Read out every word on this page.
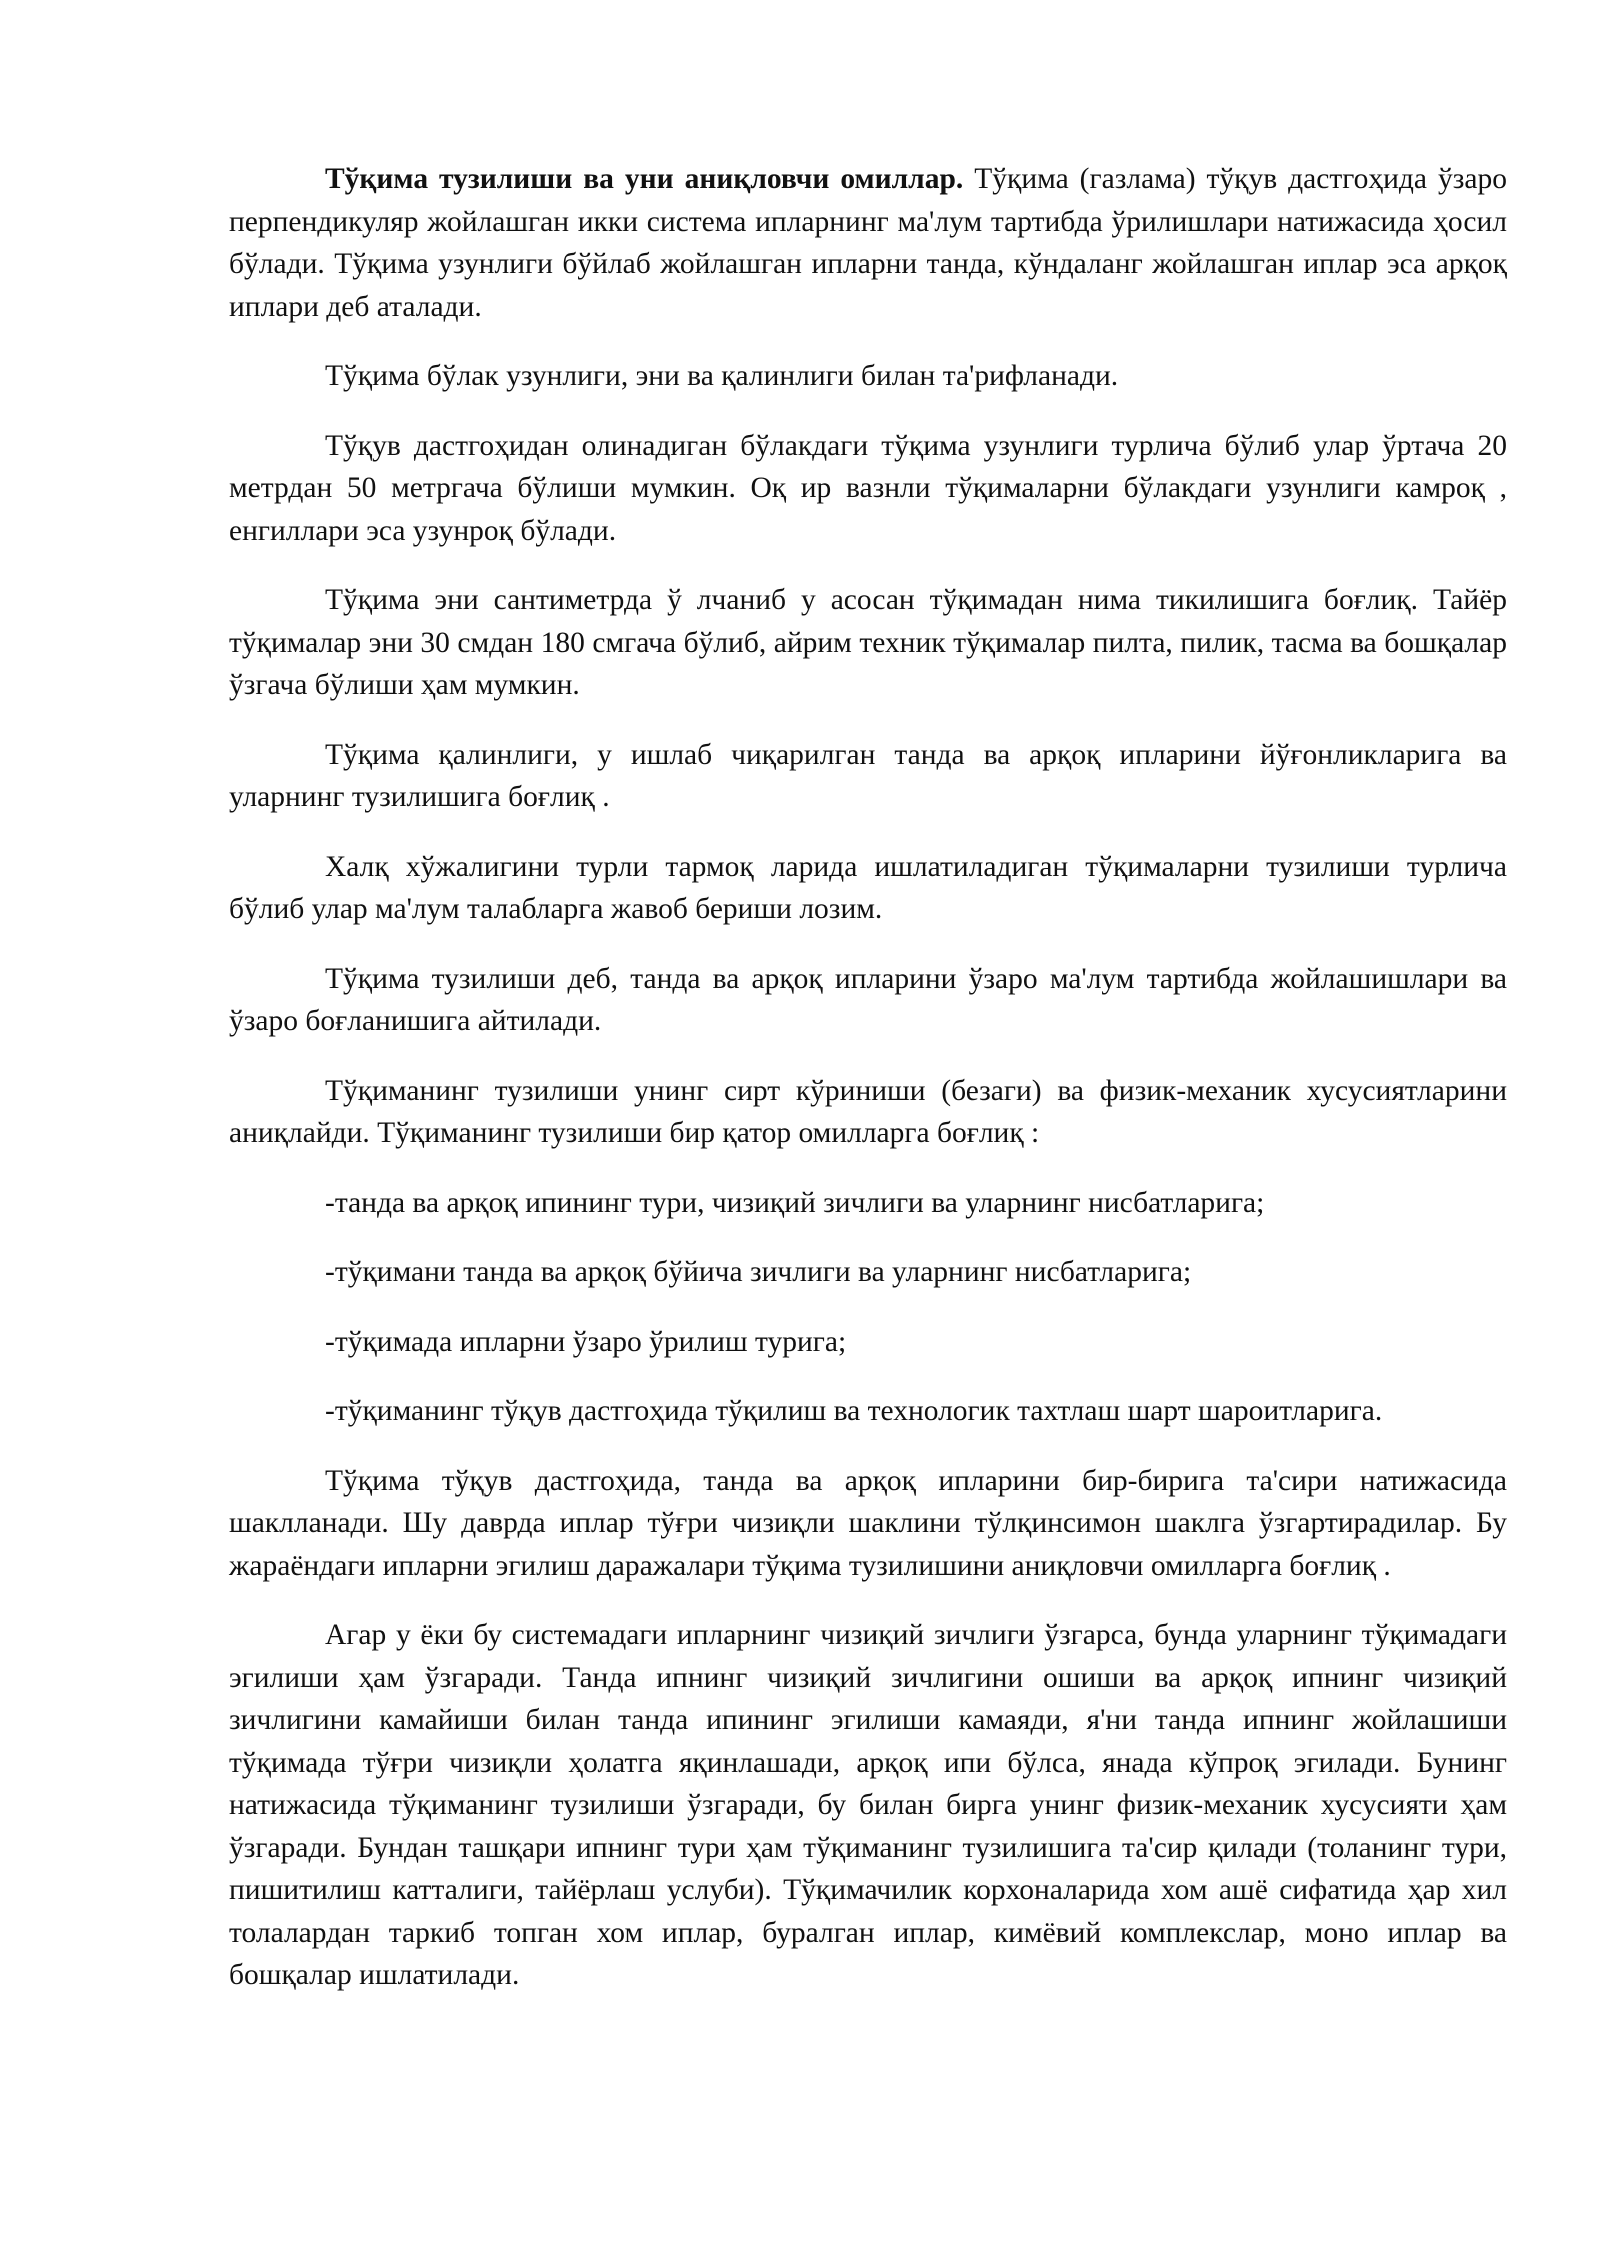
Тўқима тузилиши ва уни аниқловчи омиллар. Тўқима (газлама) тўқув дастгоҳида ўзаро перпендикуляр жойлашган икки система ипларнинг ма'лум тартибда ўрилишлари натижасида ҳосил бўлади. Тўқима узунлиги бўйлаб жойлашган ипларни танда, кўндаланг жойлашган иплар эса арқоқ иплари деб аталади.

Тўқима бўлак узунлиги, эни ва қалинлиги билан та'рифланади.

Тўқув дастгоҳидан олинадиган бўлакдаги тўқима узунлиги турлича бўлиб улар ўртача 20 метрдан 50 метргача бўлиши мумкин. Оқ ир вазнли тўқималарни бўлакдаги узунлиги камроқ , енгиллари эса узунроқ бўлади.

Тўқима эни сантиметрда ў лчаниб у асосан тўқимадан нима тикилишига боғлиқ. Тайёр тўқималар эни 30 смдан 180 смгача бўлиб, айрим техник тўқималар пилта, пилик, тасма ва бошқалар ўзгача бўлиши ҳам мумкин.

Тўқима қалинлиги, у ишлаб чиқарилган танда ва арқоқ ипларини йўғонликларига ва уларнинг тузилишига боғлиқ .

Халқ хўжалигини турли тармоқ ларида ишлатиладиган тўқималарни тузилиши турлича бўлиб улар ма'лум талабларга жавоб бериши лозим.

Тўқима тузилиши деб, танда ва арқоқ ипларини ўзаро ма'лум тартибда жойлашишлари ва ўзаро боғланишига айтилади.

Тўқиманинг тузилиши унинг сирт кўриниши (безаги) ва физик-механик хусусиятларини аниқлайди. Тўқиманинг тузилиши бир қатор омилларга боғлиқ :

-танда ва арқоқ ипининг тури, чизиқий зичлиги ва уларнинг нисбатларига;

-тўқимани танда ва арқоқ бўйича зичлиги ва уларнинг нисбатларига;

-тўқимада ипларни ўзаро ўрилиш турига;

-тўқиманинг тўқув дастгоҳида тўқилиш ва технологик тахтлаш шарт шароитларига.

Тўқима тўқув дастгоҳида, танда ва арқоқ ипларини бир-бирига та'сири натижасида шаклланади. Шу даврда иплар тўғри чизиқли шаклини тўлқинсимон шаклга ўзгартирадилар. Бу жараёндаги ипларни эгилиш даражалари тўқима тузилишини аниқловчи омилларга боғлиқ .

Агар у ёки бу системадаги ипларнинг чизиқий зичлиги ўзгарса, бунда уларнинг тўқимадаги эгилиши ҳам ўзгаради. Танда ипнинг чизиқий зичлигини ошиши ва арқоқ ипнинг чизиқий зичлигини камайиши билан танда ипининг эгилиши камаяди, я'ни танда ипнинг жойлашиши тўқимада тўғри чизиқли ҳолатга яқинлашади, арқоқ ипи бўлса, янада кўпроқ эгилади. Бунинг натижасида тўқиманинг тузилиши ўзгаради, бу билан бирга унинг физик-механик хусусияти ҳам ўзгаради. Бундан ташқари ипнинг тури ҳам тўқиманинг тузилишига та'сир қилади (толанинг тури, пишитилиш катталиги, тайёрлаш услуби). Тўқимачилик корхоналарида хом ашё сифатида ҳар хил толалардан таркиб топган хом иплар, буралган иплар, кимёвий комплекслар, моно иплар ва бошқалар ишлатилади.
